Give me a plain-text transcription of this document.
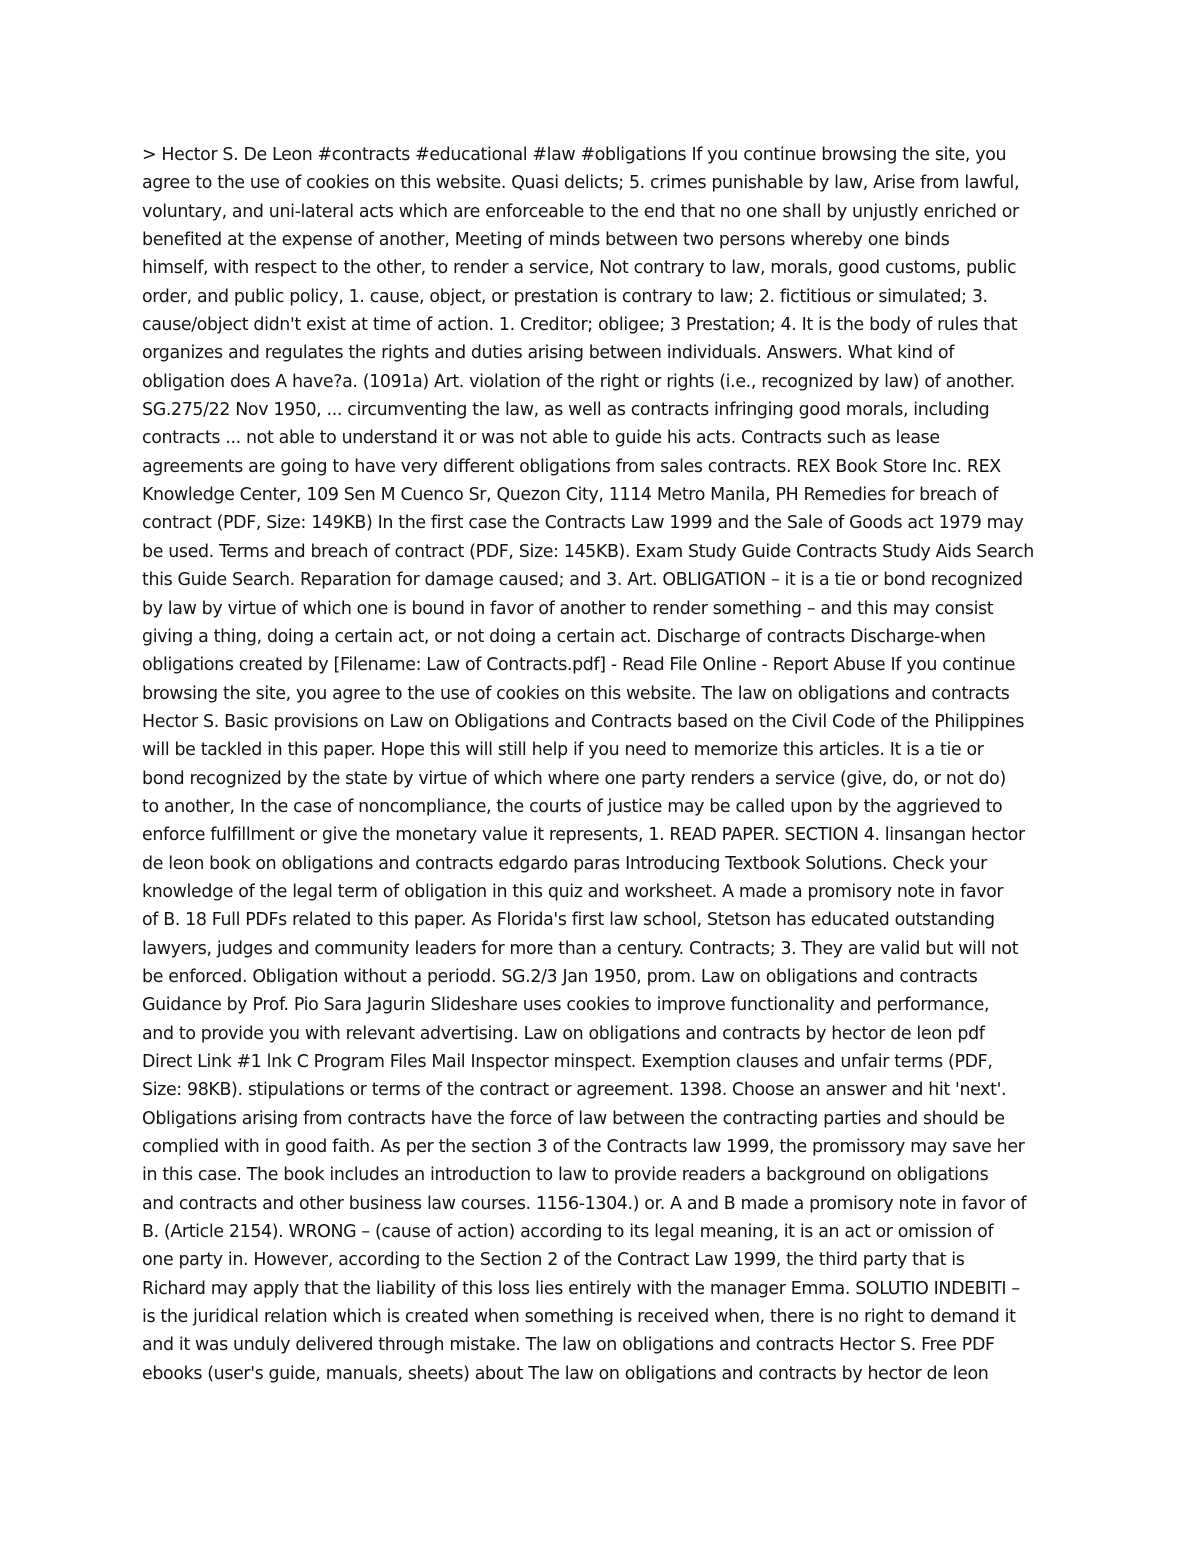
> Hector S. De Leon #contracts #educational #law #obligations If you continue browsing the site, you
agree to the use of cookies on this website. Quasi delicts; 5. crimes punishable by law, Arise from lawful,
voluntary, and uni-lateral acts which are enforceable to the end that no one shall by unjustly enriched or
benefited at the expense of another, Meeting of minds between two persons whereby one binds
himself, with respect to the other, to render a service, Not contrary to law, morals, good customs, public
order, and public policy, 1. cause, object, or prestation is contrary to law; 2. fictitious or simulated; 3.
cause/object didn't exist at time of action. 1. Creditor; obligee; 3 Prestation; 4. It is the body of rules that
organizes and regulates the rights and duties arising between individuals. Answers. What kind of
obligation does A have?a. (1091a) Art. violation of the right or rights (i.e., recognized by law) of another.
SG.275/22 Nov 1950, ... circumventing the law, as well as contracts infringing good morals, including
contracts ... not able to understand it or was not able to guide his acts. Contracts such as lease
agreements are going to have very different obligations from sales contracts. REX Book Store Inc. REX
Knowledge Center, 109 Sen M Cuenco Sr, Quezon City, 1114 Metro Manila, PH Remedies for breach of
contract (PDF, Size: 149KB) In the first case the Contracts Law 1999 and the Sale of Goods act 1979 may
be used. Terms and breach of contract (PDF, Size: 145KB). Exam Study Guide Contracts Study Aids Search
this Guide Search. Reparation for damage caused; and 3. Art. OBLIGATION – it is a tie or bond recognized
by law by virtue of which one is bound in favor of another to render something – and this may consist
giving a thing, doing a certain act, or not doing a certain act. Discharge of contracts Discharge-when
obligations created by [Filename: Law of Contracts.pdf] - Read File Online - Report Abuse If you continue
browsing the site, you agree to the use of cookies on this website. The law on obligations and contracts
Hector S. Basic provisions on Law on Obligations and Contracts based on the Civil Code of the Philippines
will be tackled in this paper. Hope this will still help if you need to memorize this articles. It is a tie or
bond recognized by the state by virtue of which where one party renders a service (give, do, or not do)
to another, In the case of noncompliance, the courts of justice may be called upon by the aggrieved to
enforce fulfillment or give the monetary value it represents, 1. READ PAPER. SECTION 4. linsangan hector
de leon book on obligations and contracts edgardo paras Introducing Textbook Solutions. Check your
knowledge of the legal term of obligation in this quiz and worksheet. A made a promisory note in favor
of B. 18 Full PDFs related to this paper. As Florida's first law school, Stetson has educated outstanding
lawyers, judges and community leaders for more than a century. Contracts; 3. They are valid but will not
be enforced. Obligation without a periodd. SG.2/3 Jan 1950, prom. Law on obligations and contracts
Guidance by Prof. Pio Sara Jagurin Slideshare uses cookies to improve functionality and performance,
and to provide you with relevant advertising. Law on obligations and contracts by hector de leon pdf
Direct Link #1 lnk C Program Files Mail Inspector minspect. Exemption clauses and unfair terms (PDF,
Size: 98KB). stipulations or terms of the contract or agreement. 1398. Choose an answer and hit 'next'.
Obligations arising from contracts have the force of law between the contracting parties and should be
complied with in good faith. As per the section 3 of the Contracts law 1999, the promissory may save her
in this case. The book includes an introduction to law to provide readers a background on obligations
and contracts and other business law courses. 1156-1304.) or. A and B made a promisory note in favor of
B. (Article 2154). WRONG – (cause of action) according to its legal meaning, it is an act or omission of
one party in. However, according to the Section 2 of the Contract Law 1999, the third party that is
Richard may apply that the liability of this loss lies entirely with the manager Emma. SOLUTIO INDEBITI –
is the juridical relation which is created when something is received when, there is no right to demand it
and it was unduly delivered through mistake. The law on obligations and contracts Hector S. Free PDF
ebooks (user's guide, manuals, sheets) about The law on obligations and contracts by hector de leon
